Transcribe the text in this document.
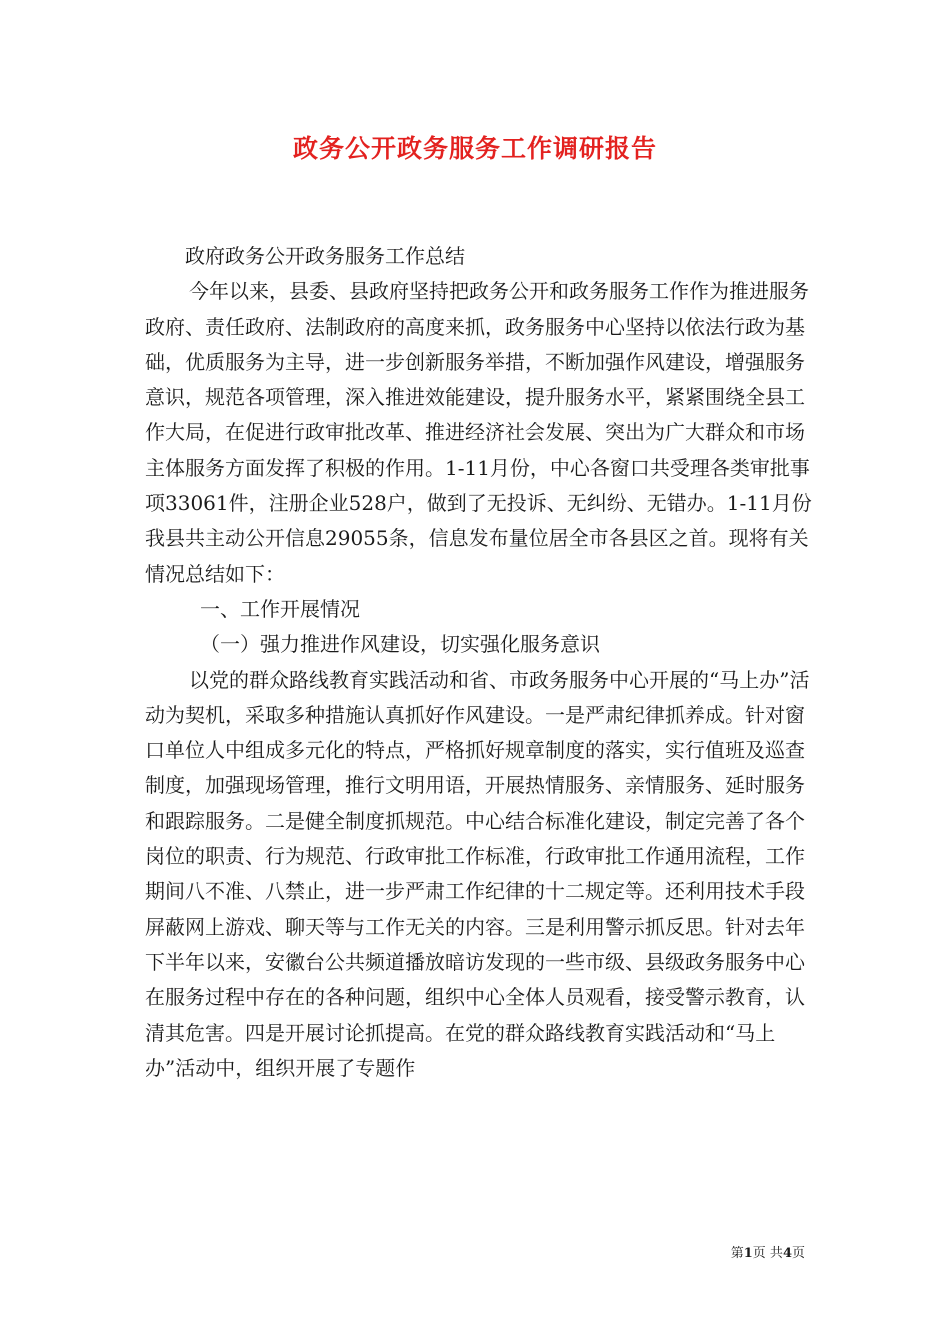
政务公开政务服务工作调研报告

政府政务公开政务服务工作总结

今年以来，县委、县政府坚持把政务公开和政务服务工作作为推进服务政府、责任政府、法制政府的高度来抓，政务服务中心坚持以依法行政为基础，优质服务为主导，进一步创新服务举措，不断加强作风建设，增强服务意识，规范各项管理，深入推进效能建设，提升服务水平，紧紧围绕全县工作大局，在促进行政审批改革、推进经济社会发展、突出为广大群众和市场主体服务方面发挥了积极的作用。1-11月份，中心各窗口共受理各类审批事项33061件，注册企业528户，做到了无投诉、无纠纷、无错办。1-11月份我县共主动公开信息29055条，信息发布量位居全市各县区之首。现将有关情况总结如下：

一、工作开展情况

（一）强力推进作风建设，切实强化服务意识

以党的群众路线教育实践活动和省、市政务服务中心开展的“马上办”活动为契机，采取多种措施认真抓好作风建设。一是严肃纪律抓养成。针对窗口单位人中组成多元化的特点，严格抓好规章制度的落实，实行值班及巡查制度，加强现场管理，推行文明用语，开展热情服务、亲情服务、延时服务和跟踪服务。二是健全制度抓规范。中心结合标准化建设，制定完善了各个岗位的职责、行为规范、行政审批工作标准，行政审批工作通用流程，工作期间八不准、八禁止，进一步严肃工作纪律的十二规定等。还利用技术手段屏蔽网上游戏、聊天等与工作无关的内容。三是利用警示抓反思。针对去年下半年以来，安徽台公共频道播放暗访发现的一些市级、县级政务服务中心在服务过程中存在的各种问题，组织中心全体人员观看，接受警示教育，认清其危害。四是开展讨论抓提高。在党的群众路线教育实践活动和“马上办”活动中，组织开展了专题作

第1页 共4页
